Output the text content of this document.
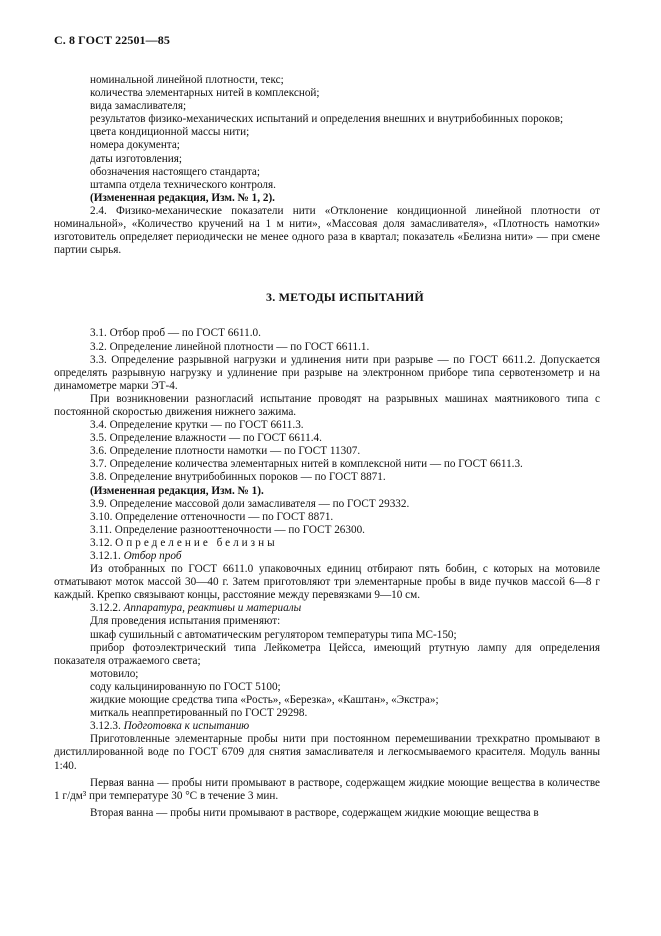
С. 8 ГОСТ 22501—85

номинальной линейной плотности, текс;

количества элементарных нитей в комплексной;

вида замасливателя;

результатов физико-механических испытаний и определения внешних и внутрибобинных пороков;

цвета кондиционной массы нити;

номера документа;

даты изготовления;

обозначения настоящего стандарта;

штампа отдела технического контроля.

(Измененная редакция, Изм. № 1, 2).

2.4. Физико-механические показатели нити «Отклонение кондиционной линейной плотности от номинальной», «Количество кручений на 1 м нити», «Массовая доля замасливателя», «Плотность намотки» изготовитель определяет периодически не менее одного раза в квартал; показатель «Белизна нити» — при смене партии сырья.

3. МЕТОДЫ ИСПЫТАНИЙ

3.1. Отбор проб — по ГОСТ 6611.0.

3.2. Определение линейной плотности — по ГОСТ 6611.1.

3.3. Определение разрывной нагрузки и удлинения нити при разрыве — по ГОСТ 6611.2. Допускается определять разрывную нагрузку и удлинение при разрыве на электронном приборе типа сервотензометр и на динамометре марки ЭТ-4.

При возникновении разногласий испытание проводят на разрывных машинах маятникового типа с постоянной скоростью движения нижнего зажима.

3.4. Определение крутки — по ГОСТ 6611.3.

3.5. Определение влажности — по ГОСТ 6611.4.

3.6. Определение плотности намотки — по ГОСТ 11307.

3.7. Определение количества элементарных нитей в комплексной нити — по ГОСТ 6611.3.

3.8. Определение внутрибобинных пороков — по ГОСТ 8871.

(Измененная редакция, Изм. № 1).

3.9. Определение массовой доли замасливателя — по ГОСТ 29332.

3.10. Определение оттеночности — по ГОСТ 8871.

3.11. Определение разнооттеночности — по ГОСТ 26300.

3.12. Определение белизны

3.12.1. Отбор проб

Из отобранных по ГОСТ 6611.0 упаковочных единиц отбирают пять бобин, с которых на мотовиле отматывают моток массой 30—40 г. Затем приготовляют три элементарные пробы в виде пучков массой 6—8 г каждый. Крепко связывают концы, расстояние между перевязками 9—10 см.

3.12.2. Аппаратура, реактивы и материалы

Для проведения испытания применяют:

шкаф сушильный с автоматическим регулятором температуры типа МС-150;

прибор фотоэлектрический типа Лейкометра Цейсса, имеющий ртутную лампу для определения показателя отражаемого света;

мотовило;

соду кальцинированную по ГОСТ 5100;

жидкие моющие средства типа «Рость», «Березка», «Каштан», «Экстра»;

миткаль неаппретированный по ГОСТ 29298.

3.12.3. Подготовка к испытанию

Приготовленные элементарные пробы нити при постоянном перемешивании трехкратно промывают в дистиллированной воде по ГОСТ 6709 для снятия замасливателя и легкосмываемого красителя. Модуль ванны 1:40.

Первая ванна — пробы нити промывают в растворе, содержащем жидкие моющие вещества в количестве 1 г/дм³ при температуре 30 °С в течение 3 мин.

Вторая ванна — пробы нити промывают в растворе, содержащем жидкие моющие вещества в
